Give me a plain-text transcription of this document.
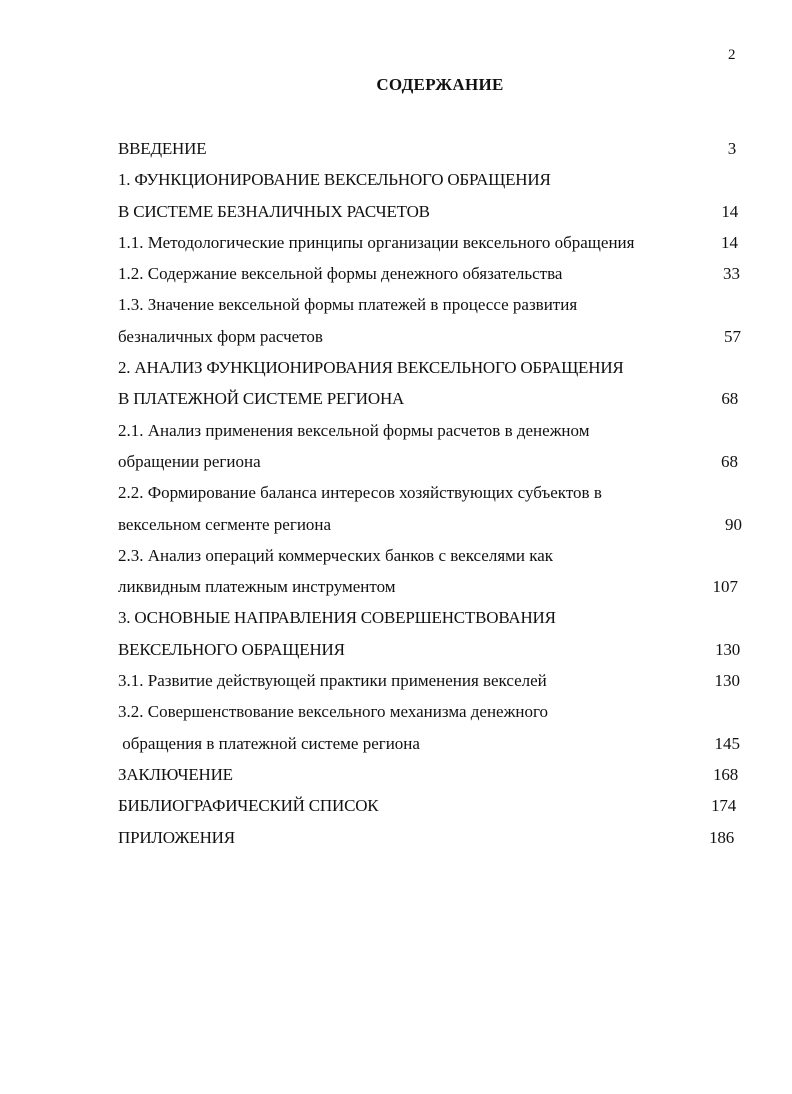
2
СОДЕРЖАНИЕ
ВВЕДЕНИЕ	3
1. ФУНКЦИОНИРОВАНИЕ ВЕКСЕЛЬНОГО ОБРАЩЕНИЯ
В СИСТЕМЕ БЕЗНАЛИЧНЫХ РАСЧЕТОВ	14
1.1. Методологические принципы организации вексельного обращения	14
1.2. Содержание вексельной формы денежного обязательства	33
1.3. Значение вексельной формы платежей в процессе развития
безналичных форм расчетов	57
2. АНАЛИЗ ФУНКЦИОНИРОВАНИЯ ВЕКСЕЛЬНОГО ОБРАЩЕНИЯ
В ПЛАТЕЖНОЙ СИСТЕМЕ РЕГИОНА	68
2.1. Анализ применения вексельной формы расчетов в денежном
обращении региона	68
2.2. Формирование баланса интересов хозяйствующих субъектов в
вексельном сегменте региона	90
2.3. Анализ операций коммерческих банков с векселями как
ликвидным платежным инструментом	107
3. ОСНОВНЫЕ НАПРАВЛЕНИЯ СОВЕРШЕНСТВОВАНИЯ
ВЕКСЕЛЬНОГО ОБРАЩЕНИЯ	130
3.1. Развитие действующей практики применения векселей	130
3.2. Совершенствование вексельного механизма денежного
обращения в платежной системе региона	145
ЗАКЛЮЧЕНИЕ	168
БИБЛИОГРАФИЧЕСКИЙ СПИСОК	174
ПРИЛОЖЕНИЯ	186
